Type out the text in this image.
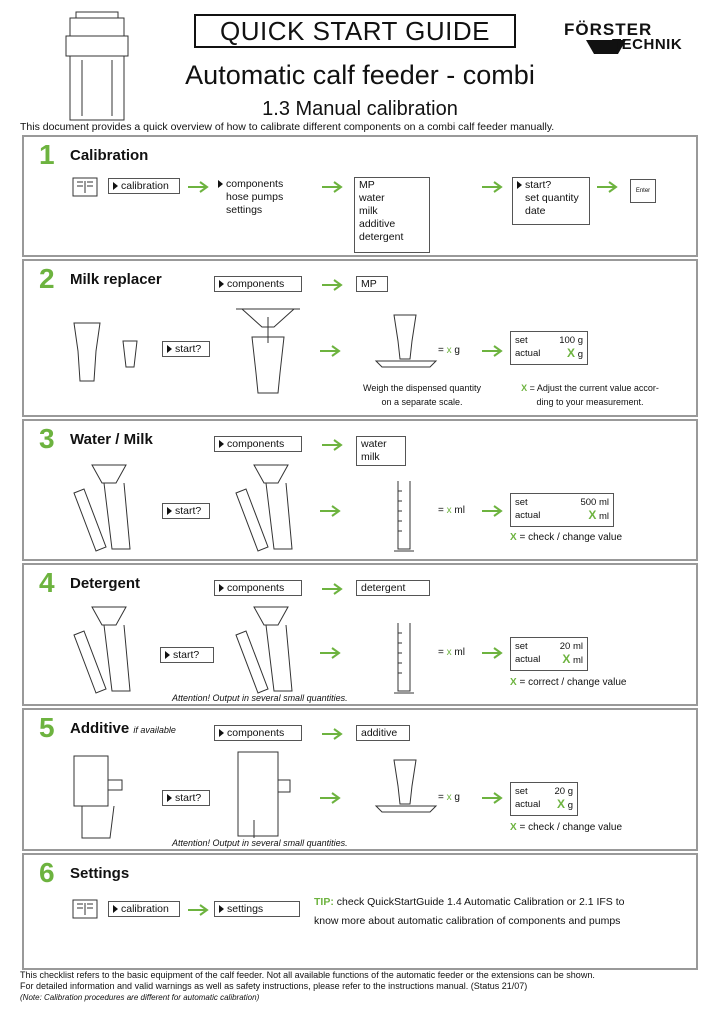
QUICK START GUIDE
Automatic calf feeder - combi
1.3 Manual calibration
This document provides a quick overview of how to calibrate different components on a combi calf feeder manually.
FÖRSTER
TECHNIK
1 Calibration
calibration	components
hose pumps
settings
MP
water
milk
additive
detergent
start?
set quantity
date
Enter
2 Milk replacer	components	MP
start?	= x g
set	100 g
actual X g
Weigh the dispensed quantity
on a separate scale.
X = Adjust the current value accor-
ding to your measurement.
3 Water / Milk	components	water
milk
start?	= x ml
set	500 ml
actual	X ml
X = check / change value
4 Detergent	components	detergent
start?	= x ml
set	20 ml
actual X ml
X = correct / change value
Attention! Output in several small quantities.
5 Additive if available	components	additive
start?	= x g
set	20 g
actual X g
X = check / change value
Attention! Output in several small quantities.
6 Settings
calibration	settings
TIP: check QuickStartGuide 1.4 Automatic Calibration or 2.1 IFS to
know more about automatic calibration of components and pumps
This checklist refers to the basic equipment of the calf feeder. Not all available functions of the automatic feeder or the extensions can be shown.
For detailed information and valid warnings as well as safety instructions, please refer to the instructions manual. (Status 21/07)
(Note: Calibration procedures are different for automatic calibration)
